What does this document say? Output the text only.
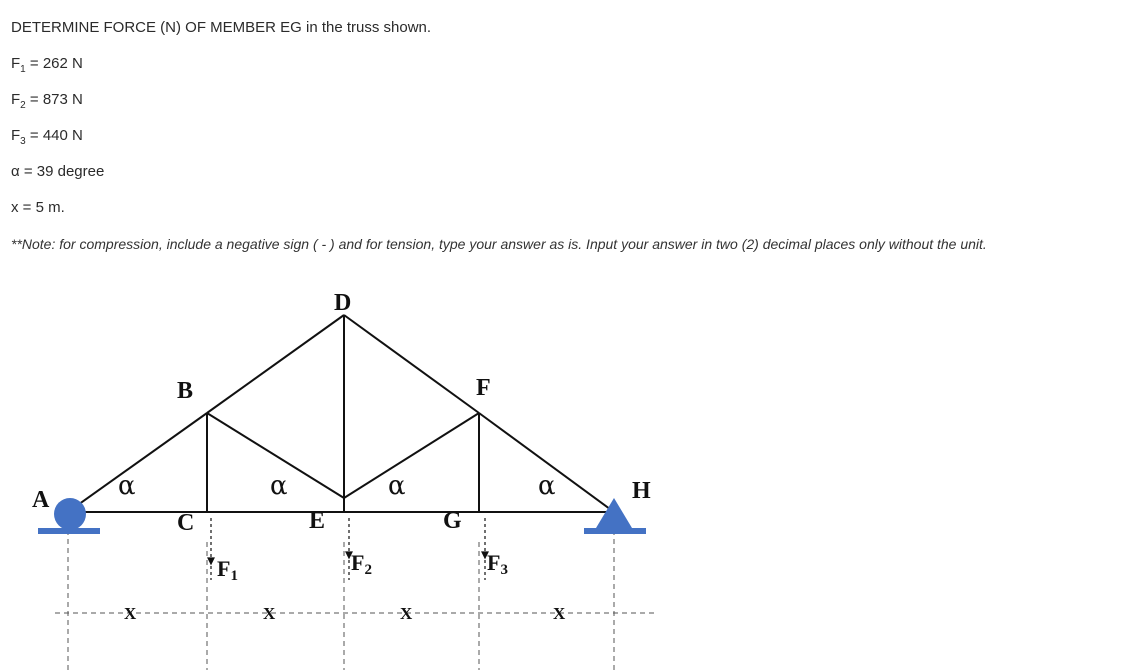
DETERMINE FORCE (N) OF MEMBER EG in the truss shown.
$F_1 = 262$ N
$F_2 = 873$ N
$F_3 = 440$ N
α = 39 degree
x = 5 m.
**Note: for compression, include a negative sign ( - ) and for tension, type your answer as is. Input your answer in two (2) decimal places only without the unit.
A
B
C
D
E
F
G
H
α	α	α	α
F1
F2	F3
X	X	X	X
